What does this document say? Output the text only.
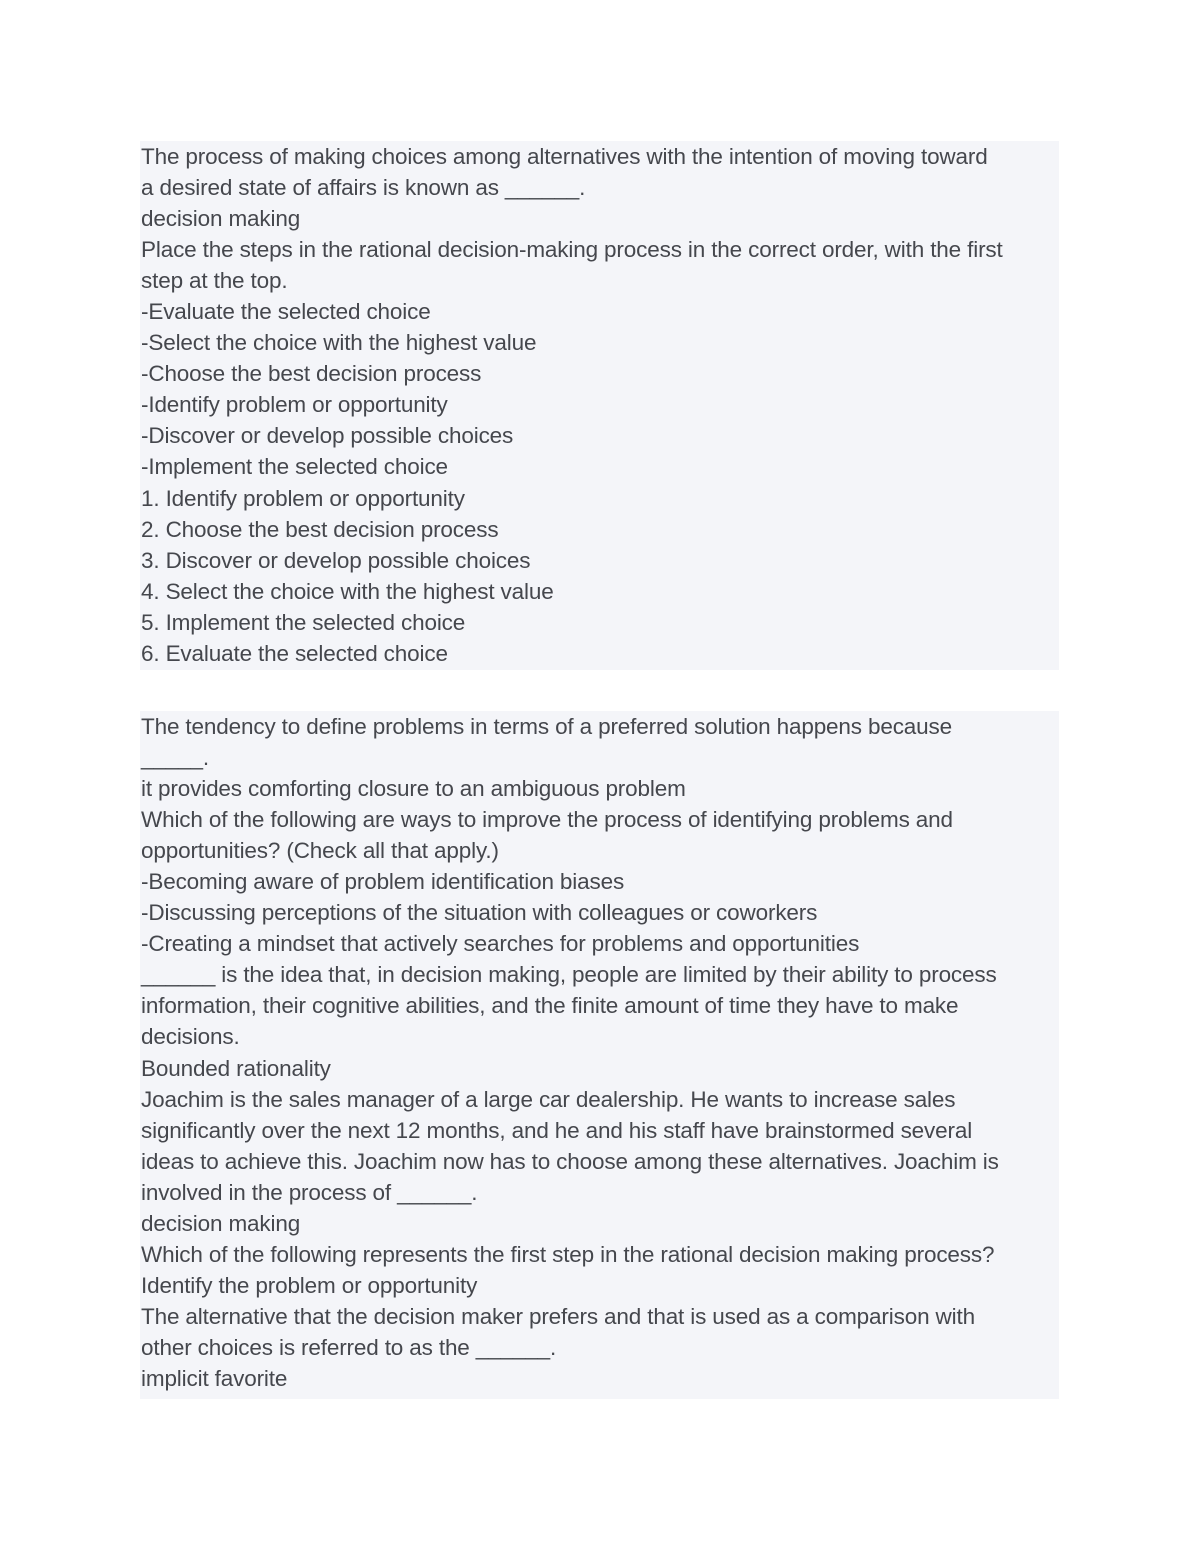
The process of making choices among alternatives with the intention of moving toward
a desired state of affairs is known as ______.
decision making
Place the steps in the rational decision-making process in the correct order, with the first
step at the top.
-Evaluate the selected choice
-Select the choice with the highest value
-Choose the best decision process
-Identify problem or opportunity
-Discover or develop possible choices
-Implement the selected choice
1. Identify problem or opportunity
2. Choose the best decision process
3. Discover or develop possible choices
4. Select the choice with the highest value
5. Implement the selected choice
6. Evaluate the selected choice
The tendency to define problems in terms of a preferred solution happens because
_____.
it provides comforting closure to an ambiguous problem
Which of the following are ways to improve the process of identifying problems and
opportunities? (Check all that apply.)
-Becoming aware of problem identification biases
-Discussing perceptions of the situation with colleagues or coworkers
-Creating a mindset that actively searches for problems and opportunities
______ is the idea that, in decision making, people are limited by their ability to process
information, their cognitive abilities, and the finite amount of time they have to make
decisions.
Bounded rationality
Joachim is the sales manager of a large car dealership. He wants to increase sales
significantly over the next 12 months, and he and his staff have brainstormed several
ideas to achieve this. Joachim now has to choose among these alternatives. Joachim is
involved in the process of ______.
decision making
Which of the following represents the first step in the rational decision making process?
Identify the problem or opportunity
The alternative that the decision maker prefers and that is used as a comparison with
other choices is referred to as the ______.
implicit favorite
